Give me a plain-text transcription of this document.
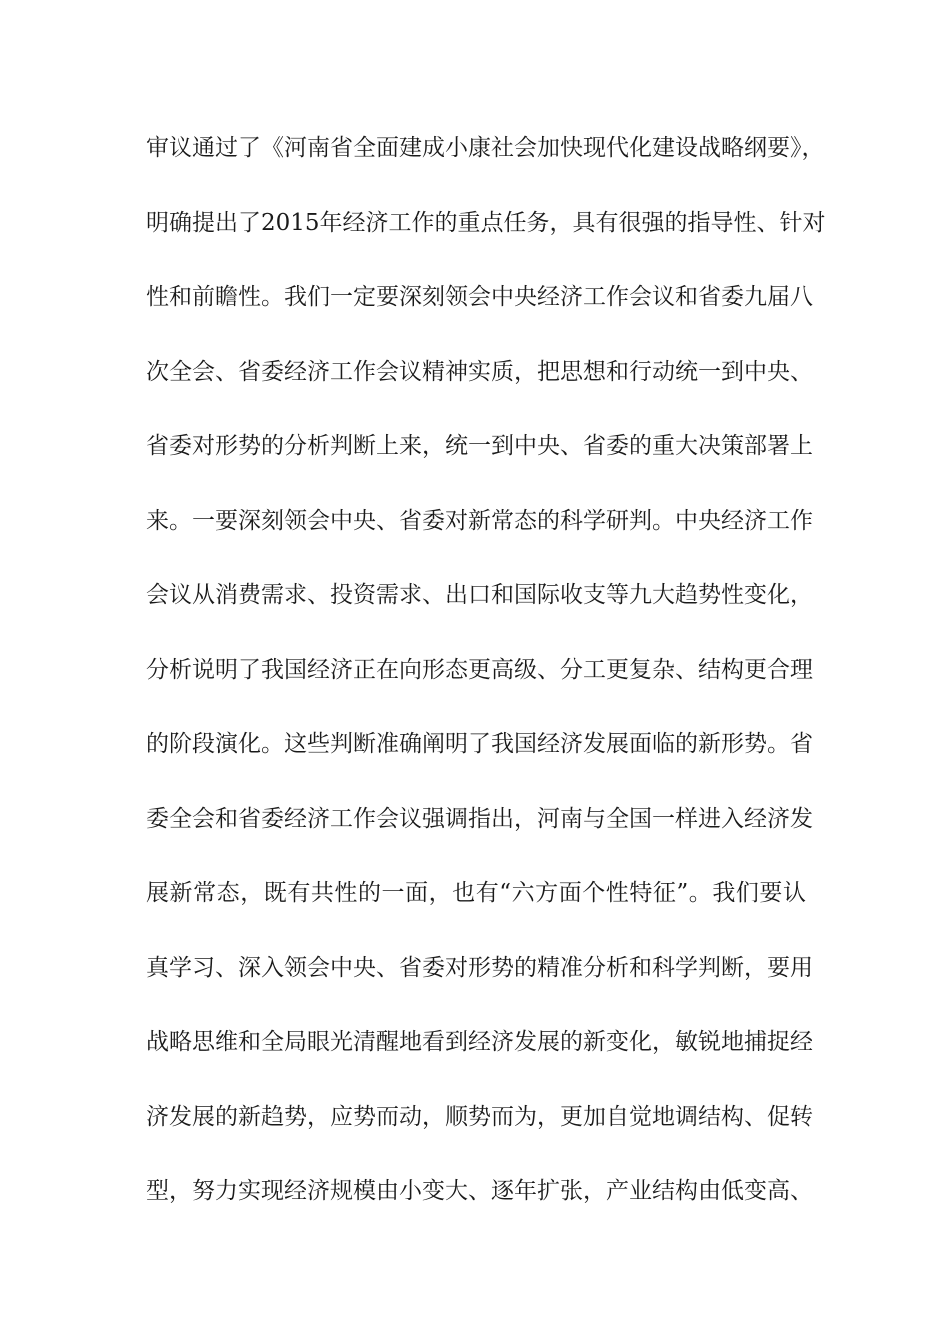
审议通过了《河南省全面建成小康社会加快现代化建设战略纲要》，
明确提出了2015年经济工作的重点任务，具有很强的指导性、针对
性和前瞻性。我们一定要深刻领会中央经济工作会议和省委九届八
次全会、省委经济工作会议精神实质，把思想和行动统一到中央、
省委对形势的分析判断上来，统一到中央、省委的重大决策部署上
来。一要深刻领会中央、省委对新常态的科学研判。中央经济工作
会议从消费需求、投资需求、出口和国际收支等九大趋势性变化，
分析说明了我国经济正在向形态更高级、分工更复杂、结构更合理
的阶段演化。这些判断准确阐明了我国经济发展面临的新形势。省
委全会和省委经济工作会议强调指出，河南与全国一样进入经济发
展新常态，既有共性的一面，也有“六方面个性特征”。我们要认
真学习、深入领会中央、省委对形势的精准分析和科学判断，要用
战略思维和全局眼光清醒地看到经济发展的新变化，敏锐地捕捉经
济发展的新趋势，应势而动，顺势而为，更加自觉地调结构、促转
型，努力实现经济规模由小变大、逐年扩张，产业结构由低变高、
